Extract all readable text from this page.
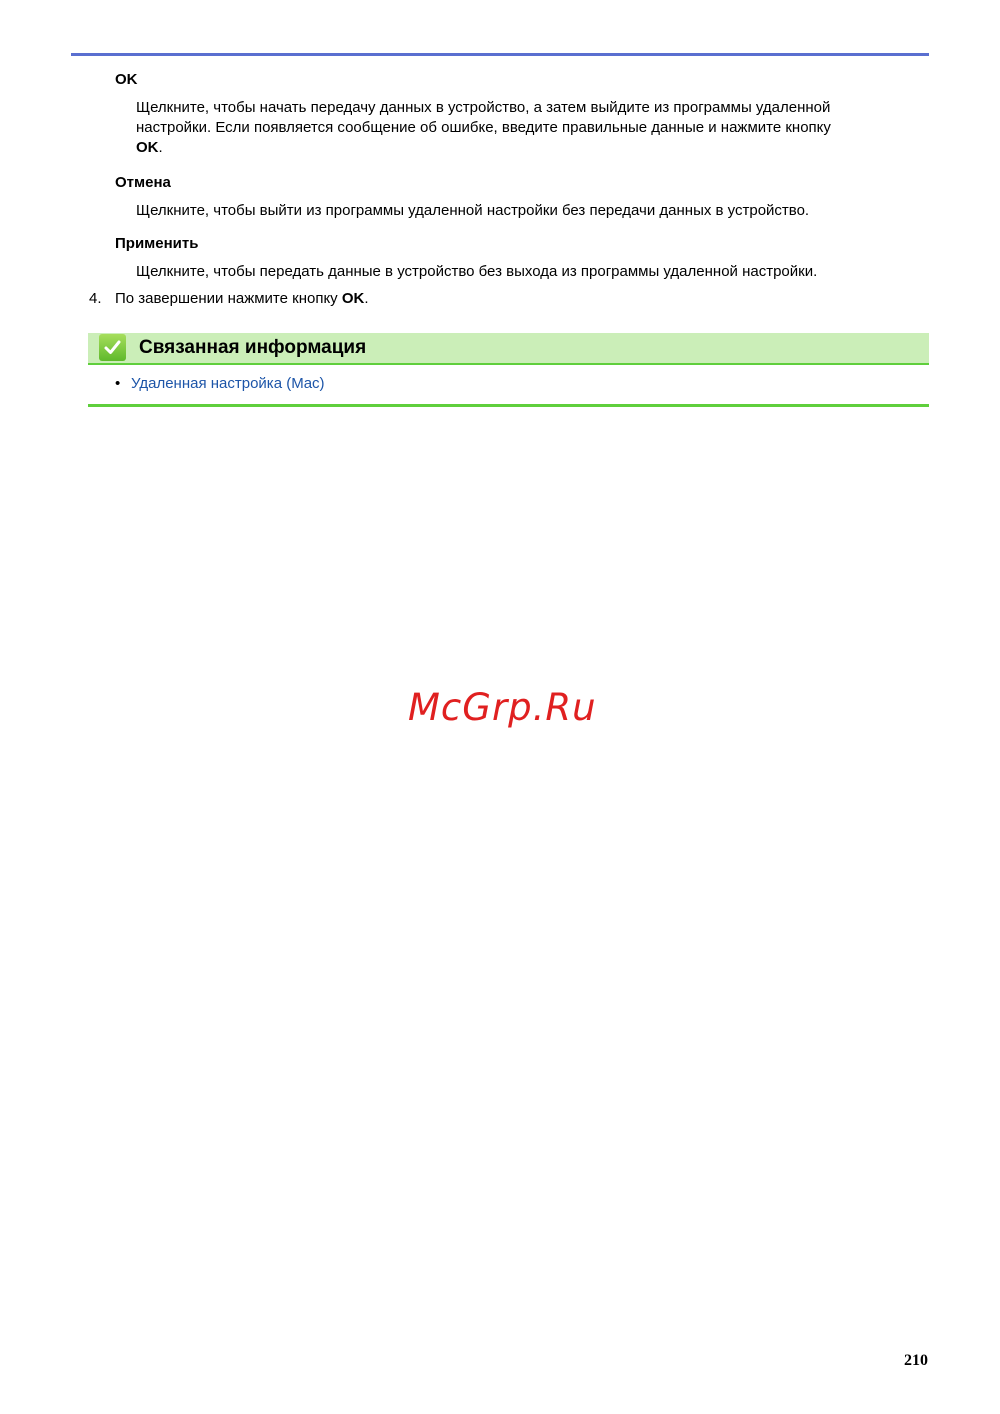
OK
Щелкните, чтобы начать передачу данных в устройство, а затем выйдите из программы удаленной
настройки. Если появляется сообщение об ошибке, введите правильные данные и нажмите кнопку
OK.
Отмена
Щелкните, чтобы выйти из программы удаленной настройки без передачи данных в устройство.
Применить
Щелкните, чтобы передать данные в устройство без выхода из программы удаленной настройки.
4. По завершении нажмите кнопку OK.
Связанная информация
• Удаленная настройка (Mac)
McGrp.Ru
210
